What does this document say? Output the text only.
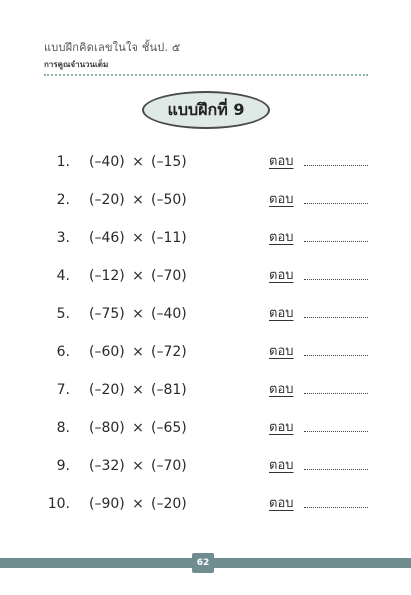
แบบฝึกคิดเลขในใจ ชั้นป. ๕
การคูณจำนวนเต็ม
แบบฝึกที่ 9
1. (–40) × (–15)	ตอบ
2. (–20) × (–50)	ตอบ
3. (–46) × (–11)	ตอบ
4. (–12) × (–70)	ตอบ
5. (–75) × (–40)	ตอบ
6. (–60) × (–72)	ตอบ
7. (–20) × (–81)	ตอบ
8. (–80) × (–65)	ตอบ
9. (–32) × (–70)	ตอบ
10. (–90) × (–20)	ตอบ
62
